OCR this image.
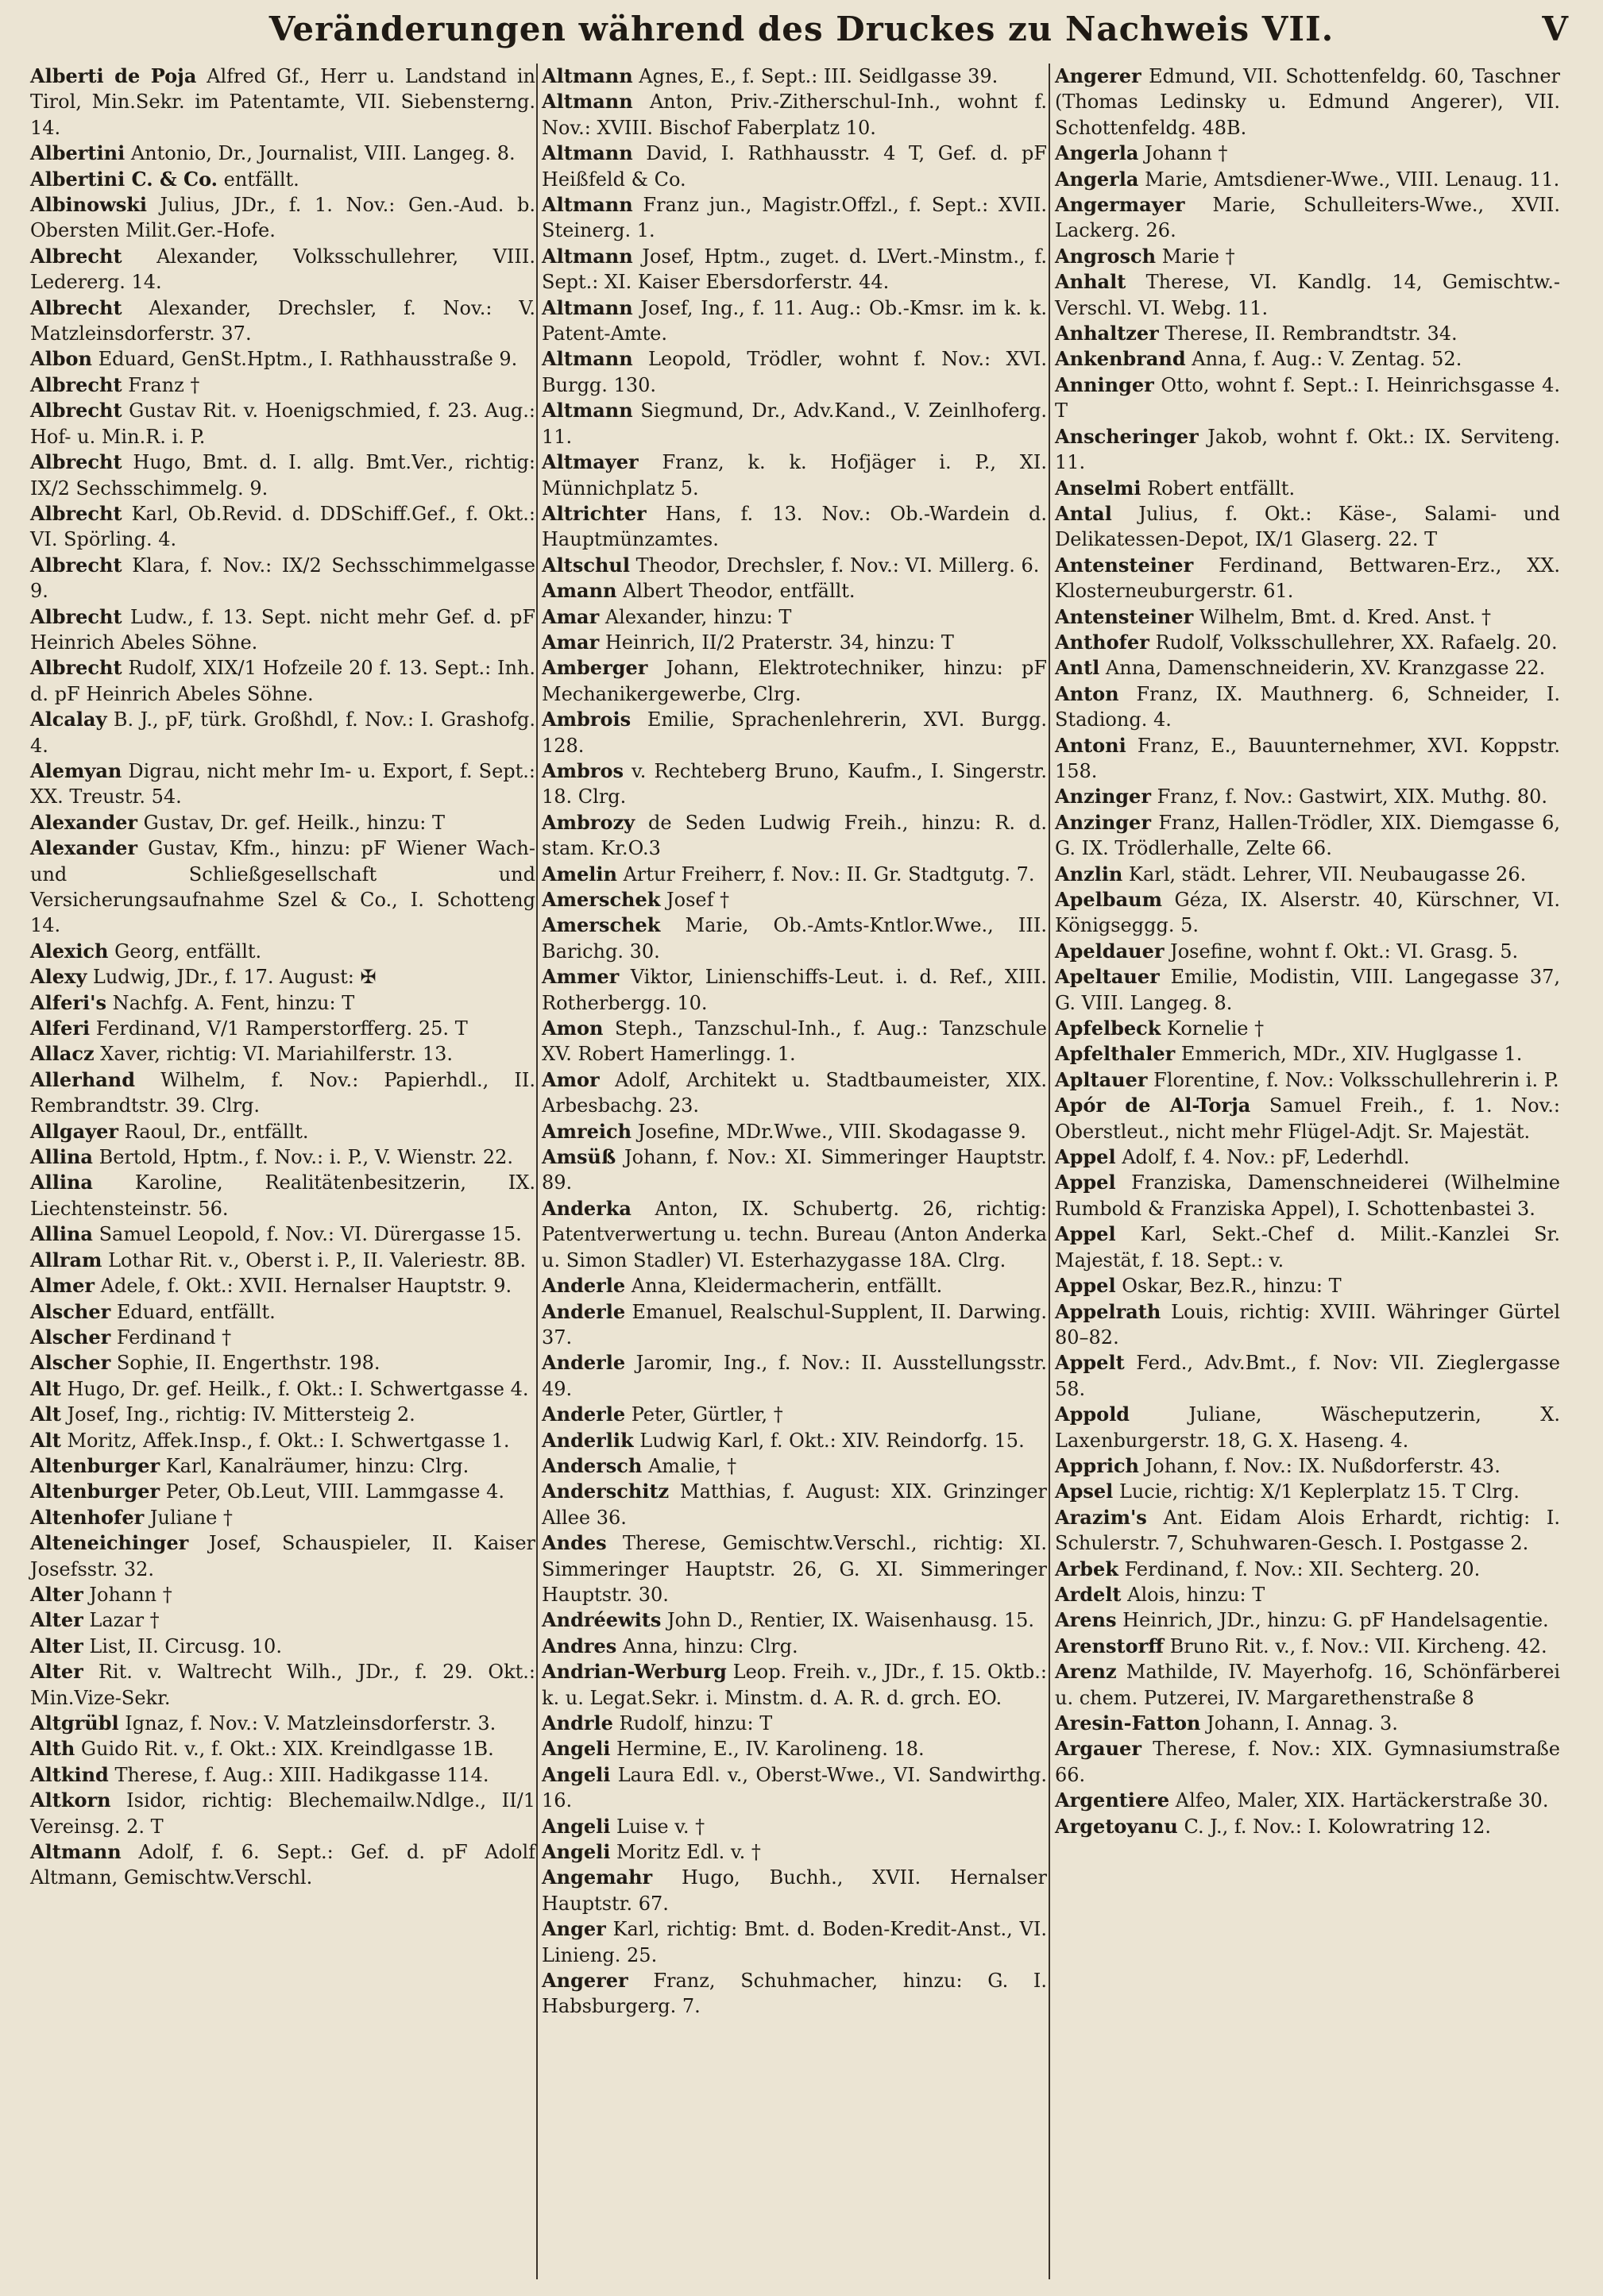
Veränderungen während des Druckes zu Nachweis VII.	V
Alberti de Poja Alfred Gf., Herr u. Landstand in Tirol, Min.Sekr. im Patentamte, VII. Siebensterng. 14.
Albertini Antonio, Dr., Journalist, VIII. Langeg. 8.
Albertini C. & Co. entfällt.
Albinowski Julius, JDr., f. 1. Nov.: Gen.-Aud. b. Obersten Milit.Ger.-Hofe.
Albrecht Alexander, Volksschullehrer, VIII. Ledererg. 14.
Albrecht Alexander, Drechsler, f. Nov.: V. Matzleinsdorferstr. 37.
Albon Eduard, GenSt.Hptm., I. Rathhausstraße 9.
Albrecht Franz †
Albrecht Gustav Rit. v. Hoenigschmied, f. 23. Aug.: Hof- u. Min.R. i. P.
Albrecht Hugo, Bmt. d. I. allg. Bmt.Ver., richtig: IX/2 Sechsschimmelg. 9.
Albrecht Karl, Ob.Revid. d. DDSchiff.Gef., f. Okt.: VI. Spörling. 4.
Albrecht Klara, f. Nov.: IX/2 Sechsschimmelgasse 9.
Albrecht Ludw., f. 13. Sept. nicht mehr Gef. d. pF Heinrich Abeles Söhne.
Albrecht Rudolf, XIX/1 Hofzeile 20 f. 13. Sept.: Inh. d. pF Heinrich Abeles Söhne.
Alcalay B. J., pF, türk. Großhdl, f. Nov.: I. Grashofg. 4.
Alemyan Digrau, nicht mehr Im- u. Export, f. Sept.: XX. Treustr. 54.
Alexander Gustav, Dr. gef. Heilk., hinzu: T
Alexander Gustav, Kfm., hinzu: pF Wiener Wach- und Schließgesellschaft und Versicherungsaufnahme Szel & Co., I. Schotteng 14.
Alexich Georg, entfällt.
Alexy Ludwig, JDr., f. 17. August: ✠
Alferi's Nachfg. A. Fent, hinzu: T
Alferi Ferdinand, V/1 Ramperstorfferg. 25. T
Allacz Xaver, richtig: VI. Mariahilferstr. 13.
Allerhand Wilhelm, f. Nov.: Papierhdl., II. Rembrandtstr. 39. Clrg.
Allgayer Raoul, Dr., entfällt.
Allina Bertold, Hptm., f. Nov.: i. P., V. Wienstr. 22.
Allina Karoline, Realitätenbesitzerin, IX. Liechtensteinstr. 56.
Allina Samuel Leopold, f. Nov.: VI. Dürergasse 15.
Allram Lothar Rit. v., Oberst i. P., II. Valeriestr. 8B.
Almer Adele, f. Okt.: XVII. Hernalser Hauptstr. 9.
Alscher Eduard, entfällt.
Alscher Ferdinand †
Alscher Sophie, II. Engerthstr. 198.
Alt Hugo, Dr. gef. Heilk., f. Okt.: I. Schwertgasse 4.
Alt Josef, Ing., richtig: IV. Mittersteig 2.
Alt Moritz, Affek.Insp., f. Okt.: I. Schwertgasse 1.
Altenburger Karl, Kanalräumer, hinzu: Clrg.
Altenburger Peter, Ob.Leut, VIII. Lammgasse 4.
Altenhofer Juliane †
Alteneichinger Josef, Schauspieler, II. Kaiser Josefsstr. 32.
Alter Johann †
Alter Lazar †
Alter List, II. Circusg. 10.
Alter Rit. v. Waltrecht Wilh., JDr., f. 29. Okt.: Min.Vize-Sekr.
Altgrübl Ignaz, f. Nov.: V. Matzleinsdorferstr. 3.
Alth Guido Rit. v., f. Okt.: XIX. Kreindlgasse 1B.
Altkind Therese, f. Aug.: XIII. Hadikgasse 114.
Altkorn Isidor, richtig: Blechemailw.Ndlge., II/1 Vereinsg. 2. T
Altmann Adolf, f. 6. Sept.: Gef. d. pF Adolf Altmann, Gemischtw.Verschl.
Altmann Agnes, E., f. Sept.: III. Seidlgasse 39.
Altmann Anton, Priv.-Zitherschul-Inh., wohnt f. Nov.: XVIII. Bischof Faberplatz 10.
Altmann David, I. Rathhausstr. 4 T, Gef. d. pF Heißfeld & Co.
Altmann Franz jun., Magistr.Offzl., f. Sept.: XVII. Steinerg. 1.
Altmann Josef, Hptm., zuget. d. LVert.-Minstm., f. Sept.: XI. Kaiser Ebersdorferstr. 44.
Altmann Josef, Ing., f. 11. Aug.: Ob.-Kmsr. im k. k. Patent-Amte.
Altmann Leopold, Trödler, wohnt f. Nov.: XVI. Burgg. 130.
Altmann Siegmund, Dr., Adv.Kand., V. Zeinlhoferg. 11.
Altmayer Franz, k. k. Hofjäger i. P., XI. Münnichplatz 5.
Altrichter Hans, f. 13. Nov.: Ob.-Wardein d. Hauptmünzamtes.
Altschul Theodor, Drechsler, f. Nov.: VI. Millerg. 6.
Amann Albert Theodor, entfällt.
Amar Alexander, hinzu: T
Amar Heinrich, II/2 Praterstr. 34, hinzu: T
Amberger Johann, Elektrotechniker, hinzu: pF Mechanikergewerbe, Clrg.
Ambrois Emilie, Sprachenlehrerin, XVI. Burgg. 128.
Ambros v. Rechteberg Bruno, Kaufm., I. Singerstr. 18. Clrg.
Ambrozy de Seden Ludwig Freih., hinzu: R. d. stam. Kr.O.3
Amelin Artur Freiherr, f. Nov.: II. Gr. Stadtgutg. 7.
Amerschek Josef †
Amerschek Marie, Ob.-Amts-Kntlor.Wwe., III. Barichg. 30.
Ammer Viktor, Linienschiffs-Leut. i. d. Ref., XIII. Rotherbergg. 10.
Amon Steph., Tanzschul-Inh., f. Aug.: Tanzschule XV. Robert Hamerlingg. 1.
Amor Adolf, Architekt u. Stadtbaumeister, XIX. Arbesbachg. 23.
Amreich Josefine, MDr.Wwe., VIII. Skodagasse 9.
Amsüß Johann, f. Nov.: XI. Simmeringer Hauptstr. 89.
Anderka Anton, IX. Schubertg. 26, richtig: Patentverwertung u. techn. Bureau (Anton Anderka u. Simon Stadler) VI. Esterhazygasse 18A. Clrg.
Anderle Anna, Kleidermacherin, entfällt.
Anderle Emanuel, Realschul-Supplent, II. Darwing. 37.
Anderle Jaromir, Ing., f. Nov.: II. Ausstellungsstr. 49.
Anderle Peter, Gürtler, †
Anderlik Ludwig Karl, f. Okt.: XIV. Reindorfg. 15.
Andersch Amalie, †
Anderschitz Matthias, f. August: XIX. Grinzinger Allee 36.
Andes Therese, Gemischtw.Verschl., richtig: XI. Simmeringer Hauptstr. 26, G. XI. Simmeringer Hauptstr. 30.
Andréewits John D., Rentier, IX. Waisenhausg. 15.
Andres Anna, hinzu: Clrg.
Andrian-Werburg Leop. Freih. v., JDr., f. 15. Oktb.: k. u. Legat.Sekr. i. Minstm. d. A. R. d. grch. EO.
Andrle Rudolf, hinzu: T
Angeli Hermine, E., IV. Karolineng. 18.
Angeli Laura Edl. v., Oberst-Wwe., VI. Sandwirthg. 16.
Angeli Luise v. †
Angeli Moritz Edl. v. †
Angemahr Hugo, Buchh., XVII. Hernalser Hauptstr. 67.
Anger Karl, richtig: Bmt. d. Boden-Kredit-Anst., VI. Linieng. 25.
Angerer Franz, Schuhmacher, hinzu: G. I. Habsburgerg. 7.
Angerer Edmund, VII. Schottenfeldg. 60, Taschner (Thomas Ledinsky u. Edmund Angerer), VII. Schottenfeldg. 48B.
Angerla Johann †
Angerla Marie, Amtsdiener-Wwe., VIII. Lenaug. 11.
Angermayer Marie, Schulleiters-Wwe., XVII. Lackerg. 26.
Angrosch Marie †
Anhalt Therese, VI. Kandlg. 14, Gemischtw.-Verschl. VI. Webg. 11.
Anhaltzer Therese, II. Rembrandtstr. 34.
Ankenbrand Anna, f. Aug.: V. Zentag. 52.
Anninger Otto, wohnt f. Sept.: I. Heinrichsgasse 4. T
Anscheringer Jakob, wohnt f. Okt.: IX. Serviteng. 11.
Anselmi Robert entfällt.
Antal Julius, f. Okt.: Käse-, Salami- und Delikatessen-Depot, IX/1 Glaserg. 22. T
Antensteiner Ferdinand, Bettwaren-Erz., XX. Klosterneuburgerstr. 61.
Antensteiner Wilhelm, Bmt. d. Kred. Anst. †
Anthofer Rudolf, Volksschullehrer, XX. Rafaelg. 20.
Antl Anna, Damenschneiderin, XV. Kranzgasse 22.
Anton Franz, IX. Mauthnerg. 6, Schneider, I. Stadiong. 4.
Antoni Franz, E., Bauunternehmer, XVI. Koppstr. 158.
Anzinger Franz, f. Nov.: Gastwirt, XIX. Muthg. 80.
Anzinger Franz, Hallen-Trödler, XIX. Diemgasse 6, G. IX. Trödlerhalle, Zelte 66.
Anzlin Karl, städt. Lehrer, VII. Neubaugasse 26.
Apelbaum Géza, IX. Alserstr. 40, Kürschner, VI. Königseggg. 5.
Apeldauer Josefine, wohnt f. Okt.: VI. Grasg. 5.
Apeltauer Emilie, Modistin, VIII. Langegasse 37, G. VIII. Langeg. 8.
Apfelbeck Kornelie †
Apfelthaler Emmerich, MDr., XIV. Huglgasse 1.
Apltauer Florentine, f. Nov.: Volksschullehrerin i. P.
Apór de Al-Torja Samuel Freih., f. 1. Nov.: Oberstleut., nicht mehr Flügel-Adjt. Sr. Majestät.
Appel Adolf, f. 4. Nov.: pF, Lederhdl.
Appel Franziska, Damenschneiderei (Wilhelmine Rumbold & Franziska Appel), I. Schottenbastei 3.
Appel Karl, Sekt.-Chef d. Milit.-Kanzlei Sr. Majestät, f. 18. Sept.: v.
Appel Oskar, Bez.R., hinzu: T
Appelrath Louis, richtig: XVIII. Währinger Gürtel 80–82.
Appelt Ferd., Adv.Bmt., f. Nov: VII. Zieglergasse 58.
Appold Juliane, Wäscheputzerin, X. Laxenburgerstr. 18, G. X. Haseng. 4.
Apprich Johann, f. Nov.: IX. Nußdorferstr. 43.
Apsel Lucie, richtig: X/1 Keplerplatz 15. T Clrg.
Arazim's Ant. Eidam Alois Erhardt, richtig: I. Schulerstr. 7, Schuhwaren-Gesch. I. Postgasse 2.
Arbek Ferdinand, f. Nov.: XII. Sechterg. 20.
Ardelt Alois, hinzu: T
Arens Heinrich, JDr., hinzu: G. pF Handelsagentie.
Arenstorff Bruno Rit. v., f. Nov.: VII. Kircheng. 42.
Arenz Mathilde, IV. Mayerhofg. 16, Schönfärberei u. chem. Putzerei, IV. Margarethenstraße 8
Aresin-Fatton Johann, I. Annag. 3.
Argauer Therese, f. Nov.: XIX. Gymnasiumstraße 66.
Argentiere Alfeo, Maler, XIX. Hartäckerstraße 30.
Argetoyanu C. J., f. Nov.: I. Kolowratring 12.
